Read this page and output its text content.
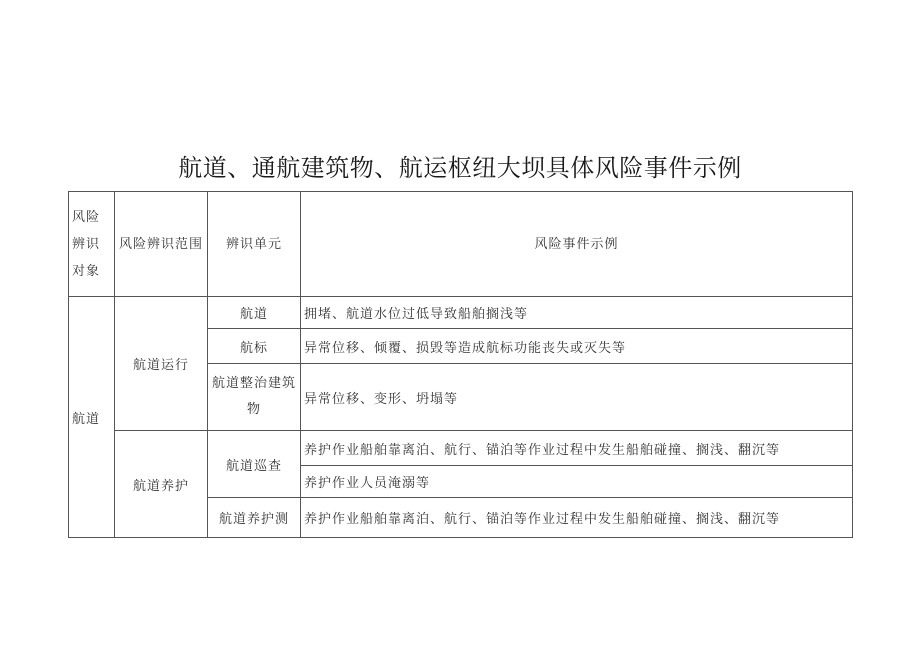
航道、通航建筑物、航运枢纽大坝具体风险事件示例
风险辨识对象	风险辨识范围	辨识单元	风险事件示例
航道	航道运行	航道	拥堵、航道水位过低导致船舶搁浅等
		航标	异常位移、倾覆、损毁等造成航标功能丧失或灭失等
		航道整治建筑物	异常位移、变形、坍塌等
	航道养护	航道巡查	养护作业船舶靠离泊、航行、锚泊等作业过程中发生船舶碰撞、搁浅、翻沉等
			养护作业人员淹溺等
		航道养护测	养护作业船舶靠离泊、航行、锚泊等作业过程中发生船舶碰撞、搁浅、翻沉等
